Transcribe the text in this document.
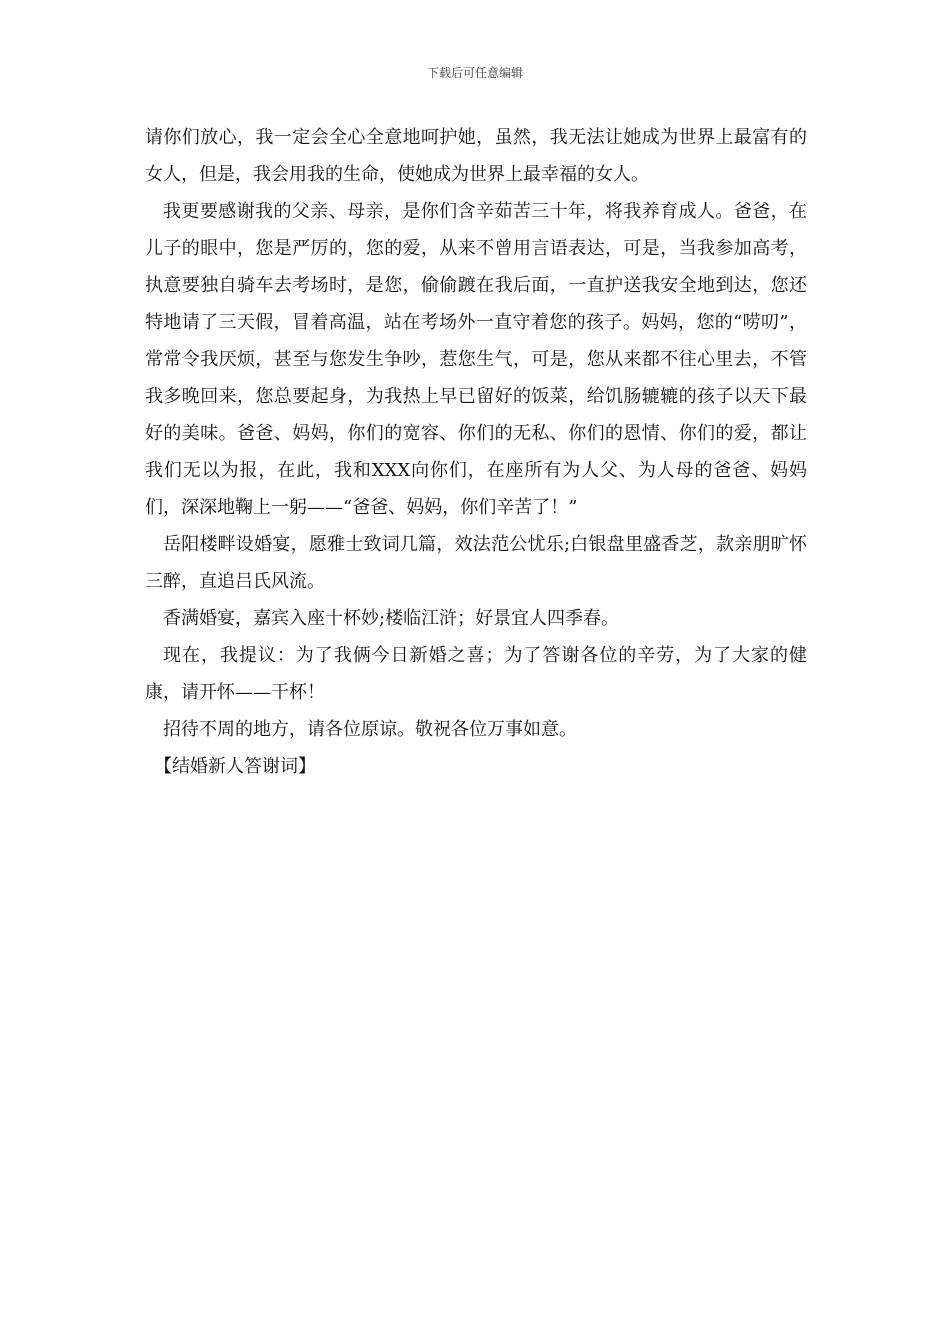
下载后可任意编辑

请你们放心，我一定会全心全意地呵护她，虽然，我无法让她成为世界上最富有的女人，但是，我会用我的生命，使她成为世界上最幸福的女人。

我更要感谢我的父亲、母亲，是你们含辛茹苦三十年，将我养育成人。爸爸，在儿子的眼中，您是严厉的，您的爱，从来不曾用言语表达，可是，当我参加高考，执意要独自骑车去考场时，是您，偷偷踱在我后面，一直护送我安全地到达，您还特地请了三天假，冒着高温，站在考场外一直守着您的孩子。妈妈，您的“唠叨”，常常令我厌烦，甚至与您发生争吵，惹您生气，可是，您从来都不往心里去，不管我多晚回来，您总要起身，为我热上早已留好的饭菜，给饥肠辘辘的孩子以天下最好的美味。爸爸、妈妈，你们的宽容、你们的无私、你们的恩情、你们的爱，都让我们无以为报，在此，我和XXX向你们，在座所有为人父、为人母的爸爸、妈妈们，深深地鞠上一躬——“爸爸、妈妈，你们辛苦了！”

岳阳楼畔设婚宴，愿雅士致词几篇，效法范公忧乐;白银盘里盛香芝，款亲朋旷怀三醉，直追吕氏风流。

香满婚宴，嘉宾入座十杯妙;楼临江浒；好景宜人四季春。

现在，我提议：为了我俩今日新婚之喜；为了答谢各位的辛劳，为了大家的健康，请开怀——干杯！

招待不周的地方，请各位原谅。敬祝各位万事如意。

【结婚新人答谢词】
